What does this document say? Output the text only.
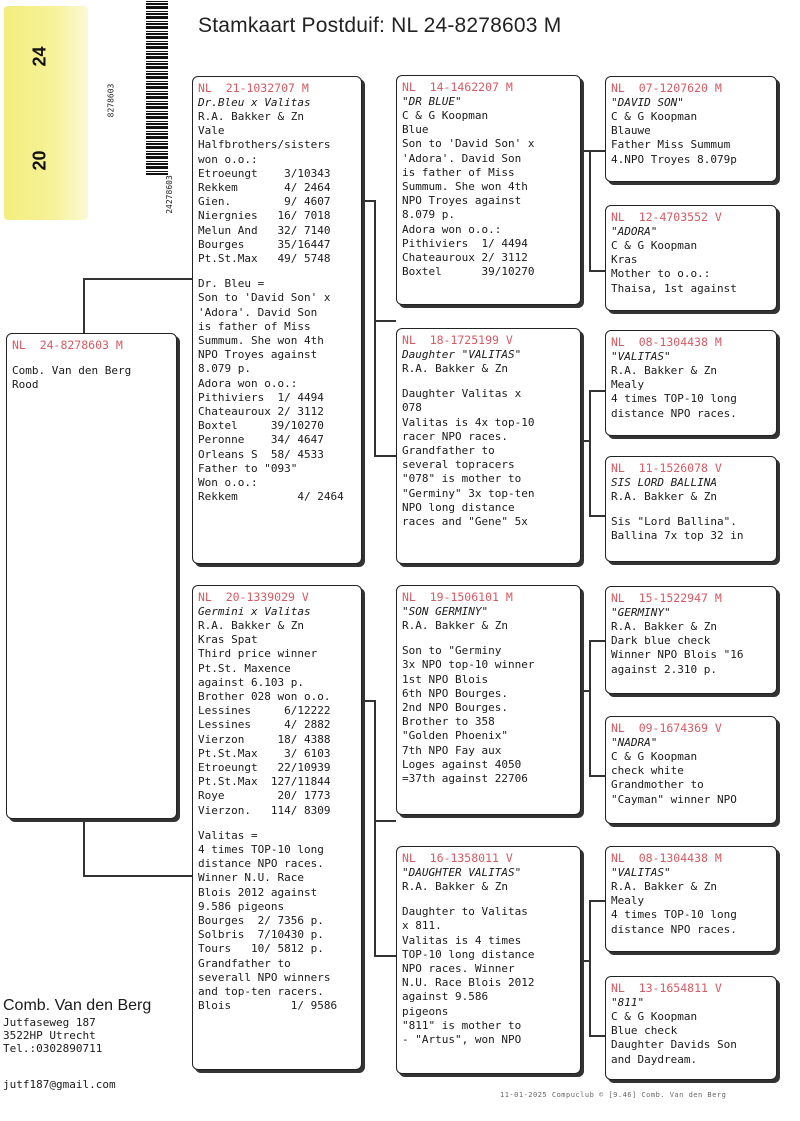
20
24
8278603
24278603
Stamkaart Postduif: NL 24-8278603 M
NL  24-8278603 M
Comb. Van den Berg
Rood
NL  21-1032707 M
Dr.Bleu x Valitas
R.A. Bakker & Zn
Vale
Halfbrothers/sisters
won o.o.:
Etroeungt    3/10343
Rekkem       4/ 2464
Gien.        9/ 4607
Niergnies   16/ 7018
Melun And   32/ 7140
Bourges     35/16447
Pt.St.Max   49/ 5748
Dr. Bleu =
Son to 'David Son' x
'Adora'. David Son
is father of Miss
Summum. She won 4th
NPO Troyes against
8.079 p.
Adora won o.o.:
Pithiviers  1/ 4494
Chateauroux 2/ 3112
Boxtel     39/10270
Peronne    34/ 4647
Orleans S  58/ 4533
Father to "093"
Won o.o.:
Rekkem         4/ 2464
NL  20-1339029 V
Germini x Valitas
R.A. Bakker & Zn
Kras Spat
Third price winner
Pt.St. Maxence
against 6.103 p.
Brother 028 won o.o.
Lessines     6/12222
Lessines     4/ 2882
Vierzon     18/ 4388
Pt.St.Max    3/ 6103
Etroeungt   22/10939
Pt.St.Max  127/11844
Roye        20/ 1773
Vierzon.   114/ 8309
Valitas =
4 times TOP-10 long
distance NPO races.
Winner N.U. Race
Blois 2012 against
9.586 pigeons
Bourges  2/ 7356 p.
Solbris  7/10430 p.
Tours   10/ 5812 p.
Grandfather to
severall NPO winners
and top-ten racers.
Blois         1/ 9586
NL  14-1462207 M
"DR BLUE"
C & G Koopman
Blue
Son to 'David Son' x
'Adora'. David Son
is father of Miss
Summum. She won 4th
NPO Troyes against
8.079 p.
Adora won o.o.:
Pithiviers  1/ 4494
Chateauroux 2/ 3112
Boxtel      39/10270
NL  18-1725199 V
Daughter "VALITAS"
R.A. Bakker & Zn
Daughter Valitas x
078
Valitas is 4x top-10
racer NPO races.
Grandfather to
several topracers
"078" is mother to
"Germiny" 3x top-ten
NPO long distance
races and "Gene" 5x
NL  19-1506101 M
"SON GERMINY"
R.A. Bakker & Zn
Son to "Germiny
3x NPO top-10 winner
1st NPO Blois
6th NPO Bourges.
2nd NPO Bourges.
Brother to 358
"Golden Phoenix"
7th NPO Fay aux
Loges against 4050
=37th against 22706
NL  16-1358011 V
"DAUGHTER VALITAS"
R.A. Bakker & Zn
Daughter to Valitas
x 811.
Valitas is 4 times
TOP-10 long distance
NPO races. Winner
N.U. Race Blois 2012
against 9.586
pigeons
"811" is mother to
- "Artus", won NPO
NL  07-1207620 M
"DAVID SON"
C & G Koopman
Blauwe
Father Miss Summum
4.NPO Troyes 8.079p
NL  12-4703552 V
"ADORA"
C & G Koopman
Kras
Mother to o.o.:
Thaisa, 1st against
NL  08-1304438 M
"VALITAS"
R.A. Bakker & Zn
Mealy
4 times TOP-10 long
distance NPO races.
NL  11-1526078 V
SIS LORD BALLINA
R.A. Bakker & Zn
Sis "Lord Ballina".
Ballina 7x top 32 in
NL  15-1522947 M
"GERMINY"
R.A. Bakker & Zn
Dark blue check
Winner NPO Blois "16
against 2.310 p.
NL  09-1674369 V
"NADRA"
C & G Koopman
check white
Grandmother to
"Cayman" winner NPO
NL  08-1304438 M
"VALITAS"
R.A. Bakker & Zn
Mealy
4 times TOP-10 long
distance NPO races.
NL  13-1654811 V
"811"
C & G Koopman
Blue check
Daughter Davids Son
and Daydream.
Comb. Van den Berg
Jutfaseweg 187
3522HP Utrecht
Tel.:0302890711
jutf187@gmail.com
11-01-2025 Compuclub © [9.46] Comb. Van den Berg
